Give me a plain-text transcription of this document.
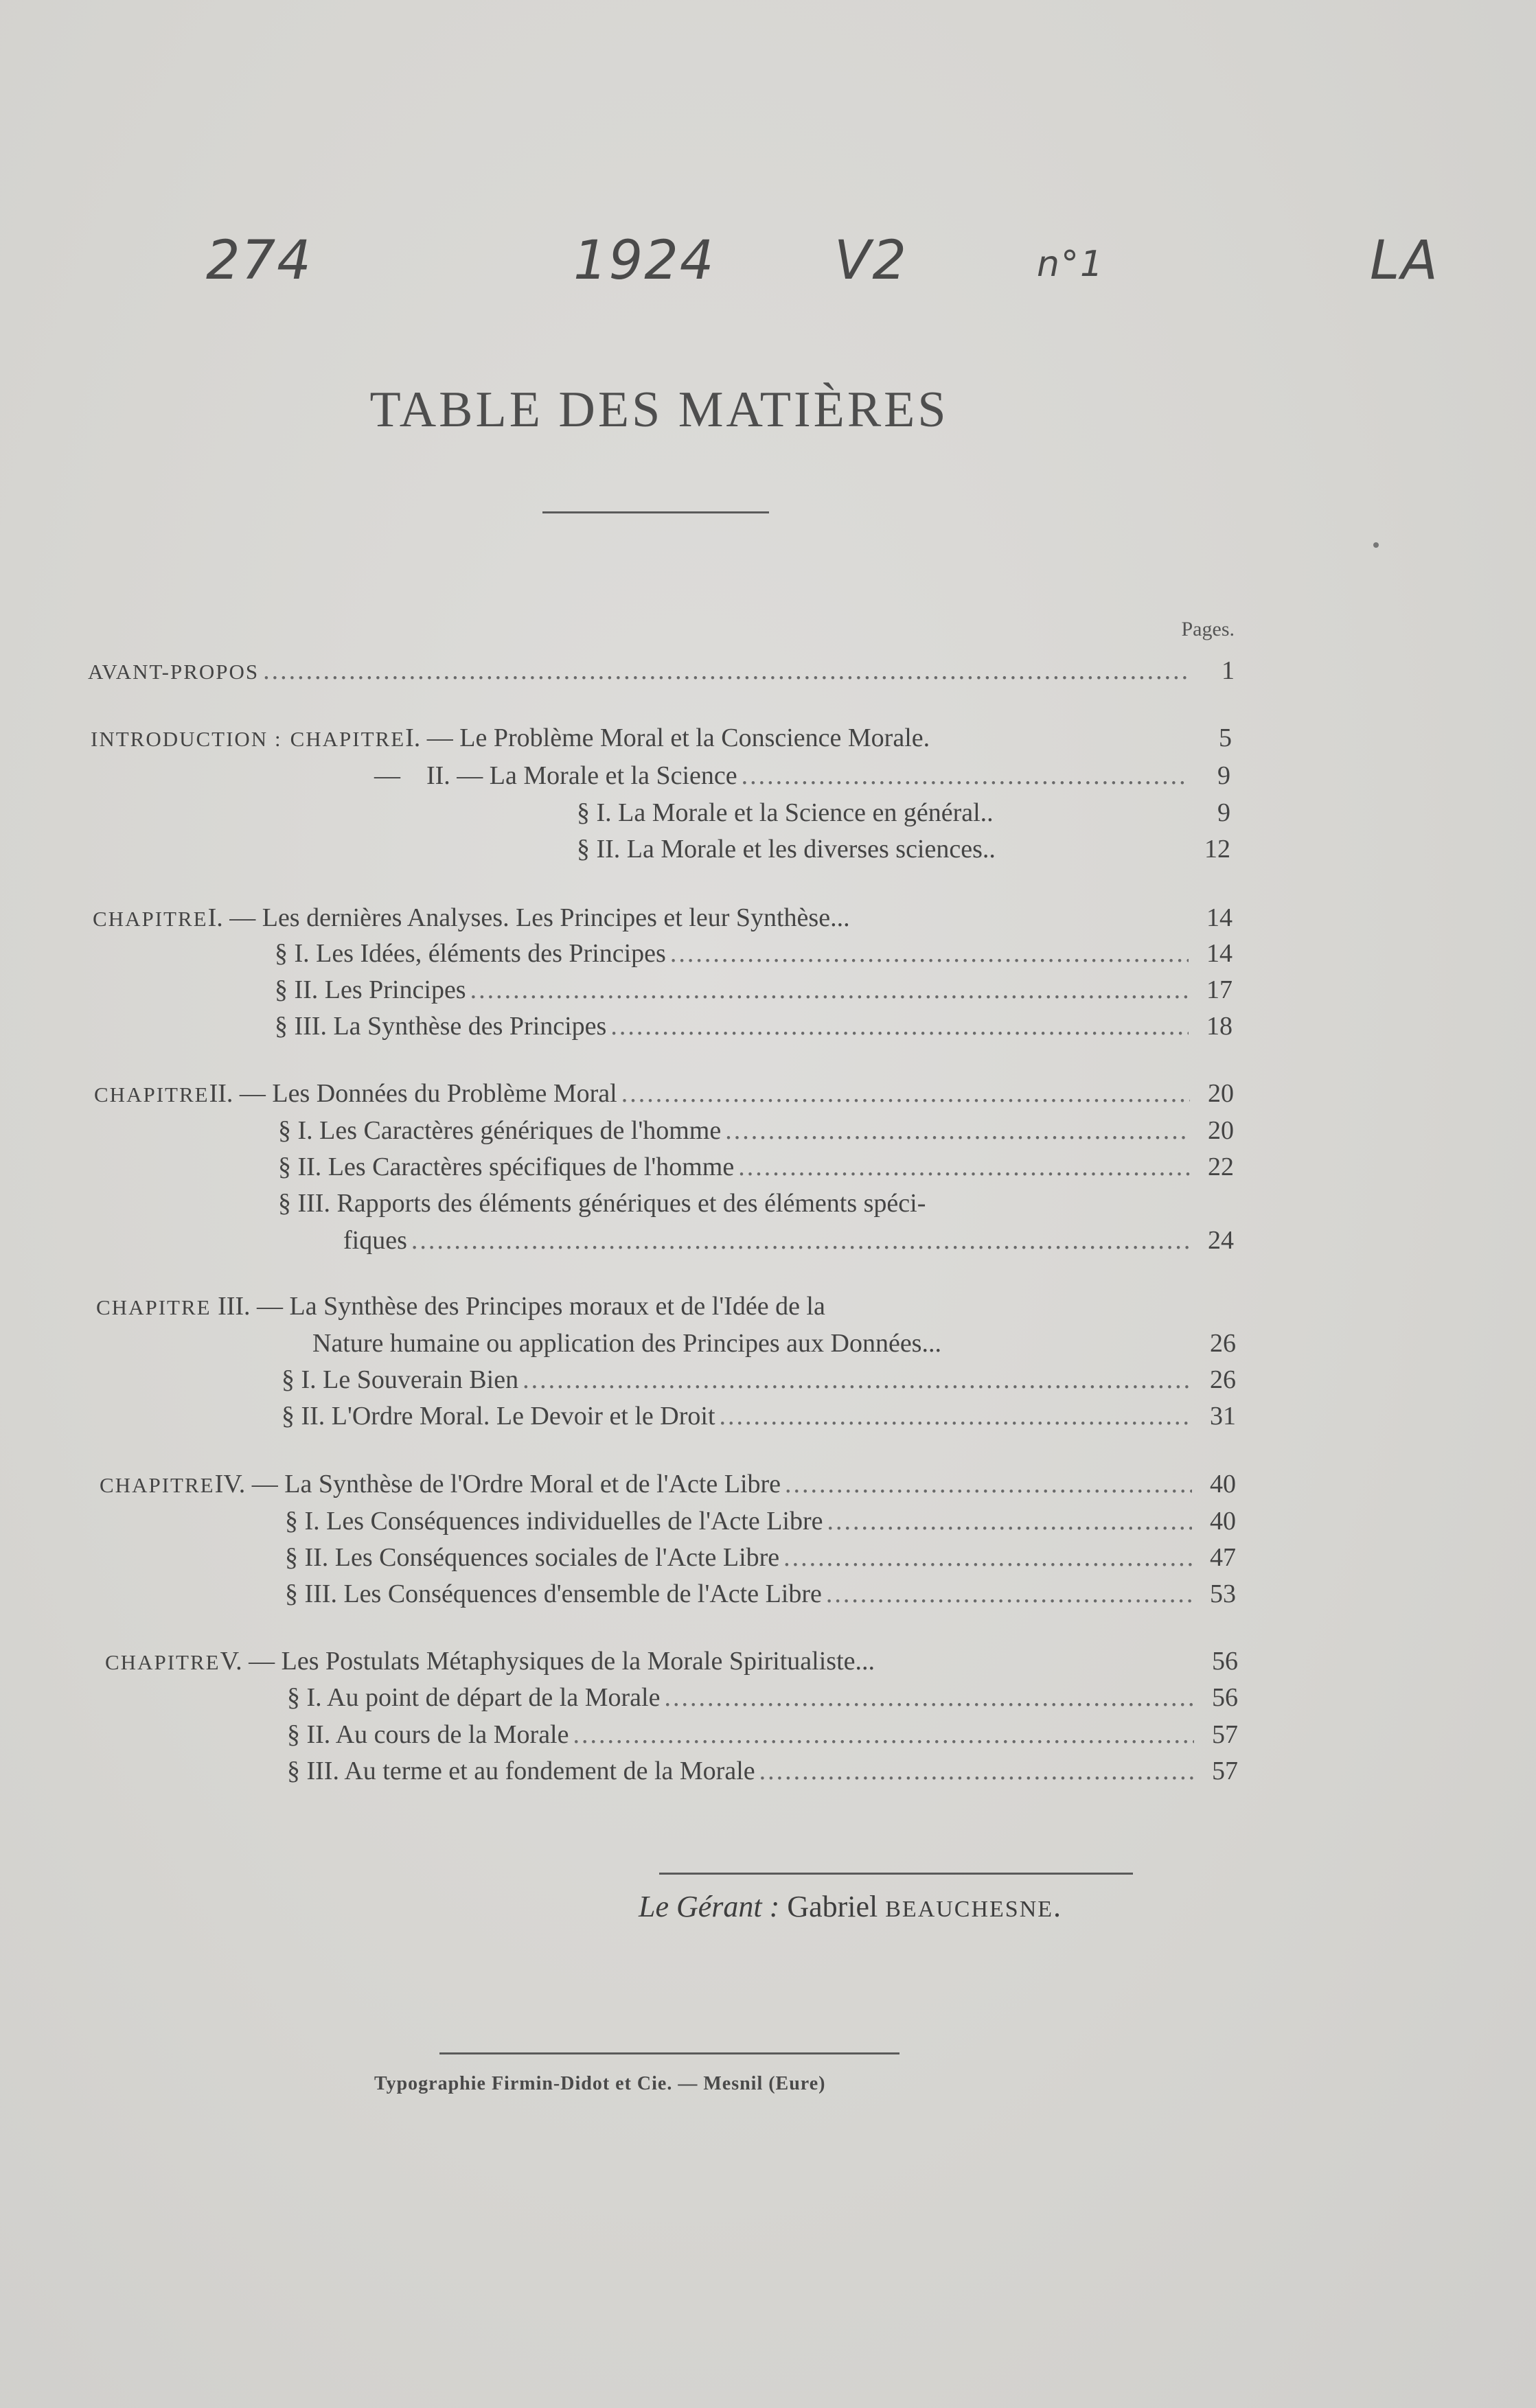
274	1924 V2	n°1	LA
TABLE DES MATIÈRES
Pages.
AVANT-PROPOS .....	1
INTRODUCTION : CHAPITRE I. — Le Problème Moral et la Conscience Morale.	5
—    II. — La Morale et la Science .....	9
§ I. La Morale et la Science en général..	9
§ II. La Morale et les diverses sciences..	12
CHAPITRE I. — Les dernières Analyses. Les Principes et leur Synthèse...	14
§ I. Les Idées, éléments des Principes .....	14
§ II. Les Principes .....	17
§ III. La Synthèse des Principes .....	18
CHAPITRE II. — Les Données du Problème Moral .....	20
§ I. Les Caractères génériques de l'homme .....	20
§ II. Les Caractères spécifiques de l'homme .....	22
§ III. Rapports des éléments génériques et des éléments spéci-
fiques .....	24
CHAPITRE III. — La Synthèse des Principes moraux et de l'Idée de la
Nature humaine ou application des Principes aux Données...	26
§ I. Le Souverain Bien .....	26
§ II. L'Ordre Moral. Le Devoir et le Droit .....	31
CHAPITRE IV. — La Synthèse de l'Ordre Moral et de l'Acte Libre .....	40
§ I. Les Conséquences individuelles de l'Acte Libre .....	40
§ II. Les Conséquences sociales de l'Acte Libre .....	47
§ III. Les Conséquences d'ensemble de l'Acte Libre .....	53
CHAPITRE V. — Les Postulats Métaphysiques de la Morale Spiritualiste...	56
§ I. Au point de départ de la Morale .....	56
§ II. Au cours de la Morale .....	57
§ III. Au terme et au fondement de la Morale .....	57
Le Gérant : Gabriel BEAUCHESNE.
Typographie Firmin-Didot et Cie. — Mesnil (Eure)
